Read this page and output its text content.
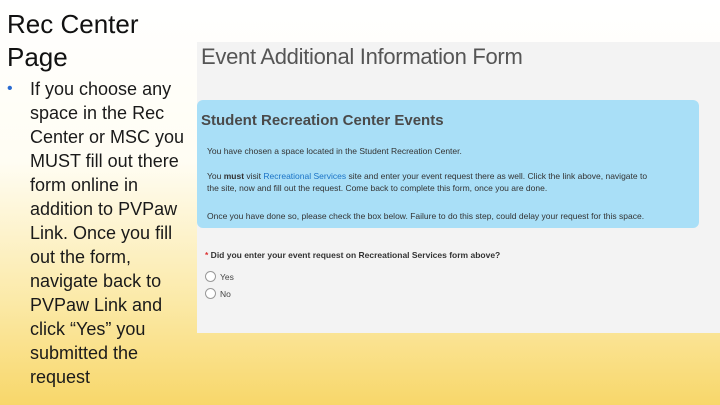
Rec Center Page
• If you choose any space in the Rec Center or MSC you MUST fill out there form online in addition to PVPaw Link. Once you fill out the form, navigate back to PVPaw Link and click “Yes” you submitted the request
Event Additional Information Form
Student Recreation Center Events
You have chosen a space located in the Student Recreation Center.
You must visit Recreational Services site and enter your event request there as well. Click the link above, navigate to
the site, now and fill out the request. Come back to complete this form, once you are done.
Once you have done so, please check the box below. Failure to do this step, could delay your request for this space.
* Did you enter your event request on Recreational Services form above?
Yes
No
